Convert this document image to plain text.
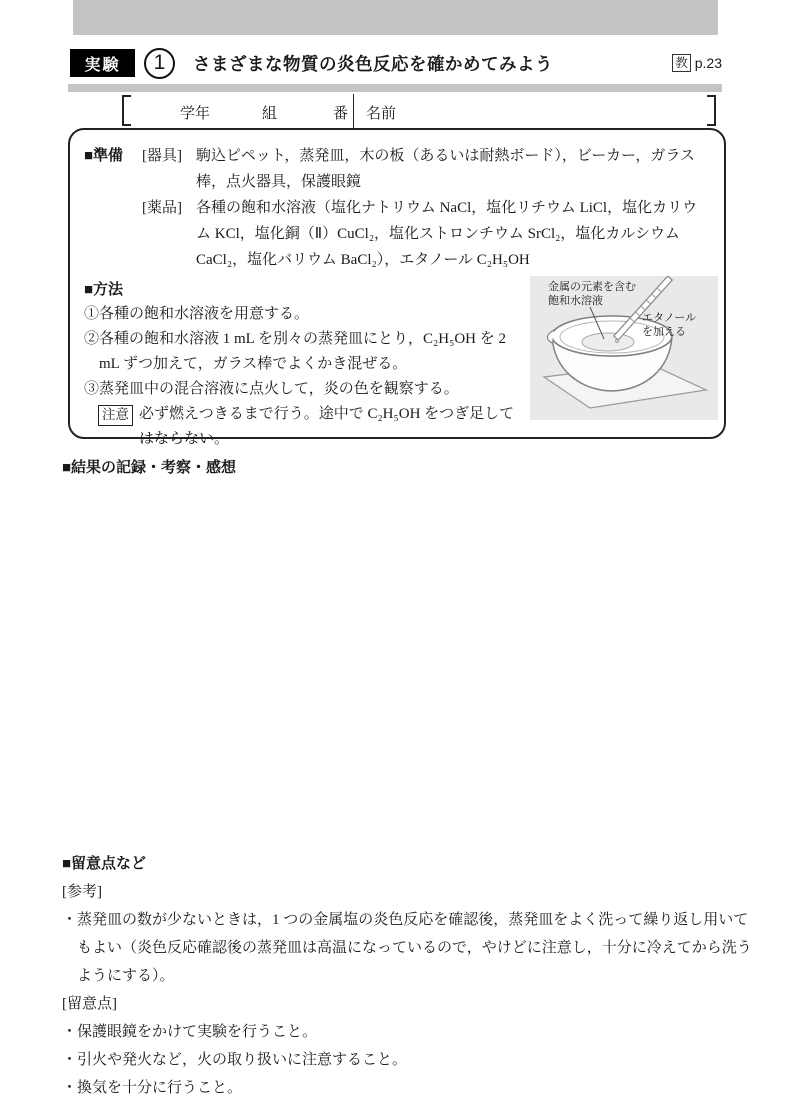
実験	1	さまざまな物質の炎色反応を確かめてみよう	教 p.23
学年	組	番 名前
■準備	[器具] 駒込ピペット，蒸発皿，木の板（あるいは耐熱ボード），ビーカー，ガラス棒，点火器具，保護眼鏡
[薬品] 各種の飽和水溶液（塩化ナトリウム NaCl，塩化リチウム LiCl，塩化カリウム KCl，塩化銅（Ⅱ）CuCl₂，塩化ストロンチウム SrCl₂，塩化カルシウム CaCl₂，塩化バリウム BaCl₂），エタノール C₂H₅OH
■方法
①各種の飽和水溶液を用意する。
②各種の飽和水溶液 1 mL を別々の蒸発皿にとり，C₂H₅OH を 2 mL ずつ加えて，ガラス棒でよくかき混ぜる。
③蒸発皿中の混合溶液に点火して，炎の色を観察する。
注意 必ず燃えつきるまで行う。途中で C₂H₅OH をつぎ足してはならない。
金属の元素を含む
飽和水溶液
エタノール
を加える
■結果の記録・考察・感想
■留意点など
[参考]
・蒸発皿の数が少ないときは，1 つの金属塩の炎色反応を確認後，蒸発皿をよく洗って繰り返し用いてもよい（炎色反応確認後の蒸発皿は高温になっているので，やけどに注意し，十分に冷えてから洗うようにする）。
[留意点]
・保護眼鏡をかけて実験を行うこと。
・引火や発火など，火の取り扱いに注意すること。
・換気を十分に行うこと。
